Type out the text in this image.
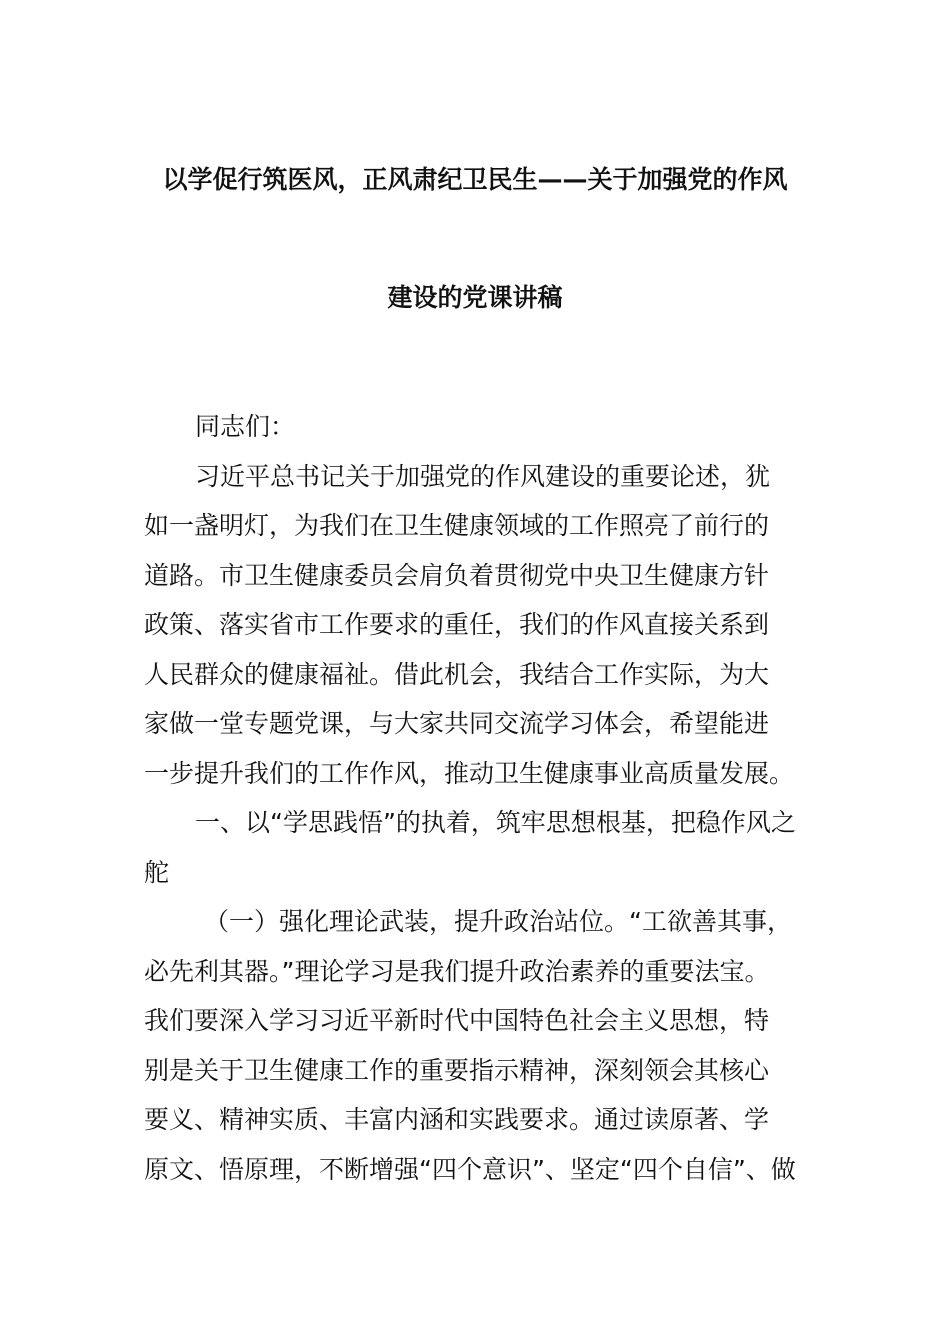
以学促行筑医风，正风肃纪卫民生——关于加强党的作风
建设的党课讲稿
同志们：
习近平总书记关于加强党的作风建设的重要论述，犹
如一盏明灯，为我们在卫生健康领域的工作照亮了前行的
道路。市卫生健康委员会肩负着贯彻党中央卫生健康方针
政策、落实省市工作要求的重任，我们的作风直接关系到
人民群众的健康福祉。借此机会，我结合工作实际，为大
家做一堂专题党课，与大家共同交流学习体会，希望能进
一步提升我们的工作作风，推动卫生健康事业高质量发展。
一、以“学思践悟”的执着，筑牢思想根基，把稳作风之
舵
（一）强化理论武装，提升政治站位。“工欲善其事，
必先利其器。”理论学习是我们提升政治素养的重要法宝。
我们要深入学习习近平新时代中国特色社会主义思想，特
别是关于卫生健康工作的重要指示精神，深刻领会其核心
要义、精神实质、丰富内涵和实践要求。通过读原著、学
原文、悟原理，不断增强“四个意识”、坚定“四个自信”、做
